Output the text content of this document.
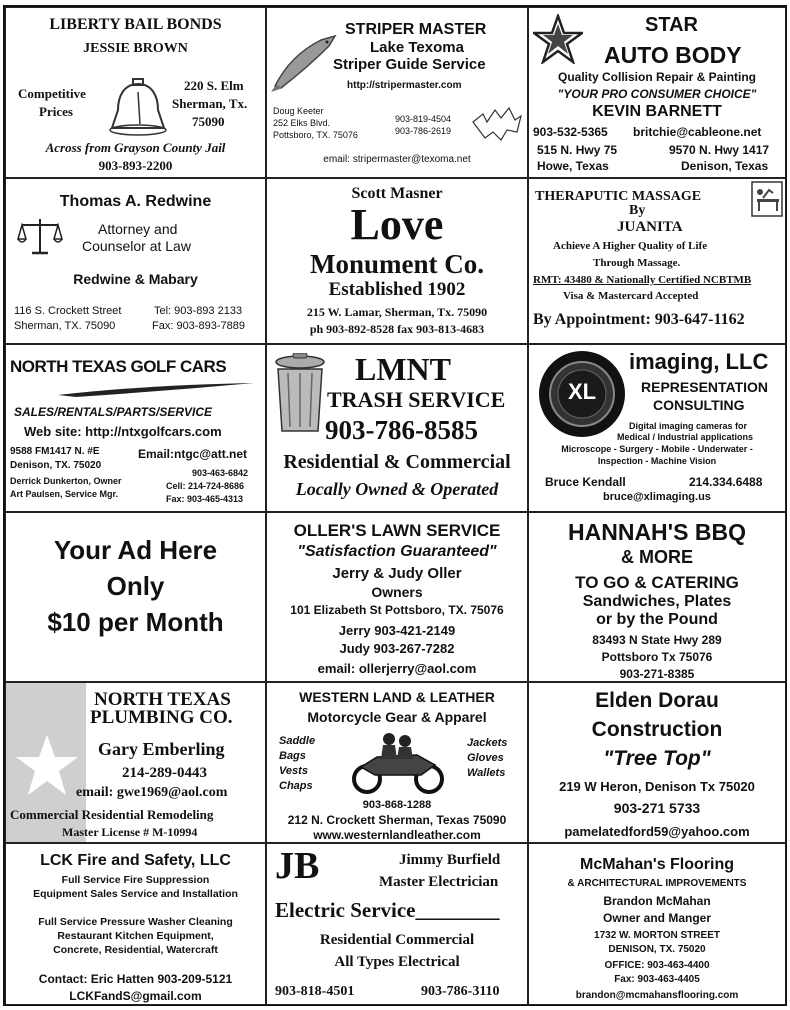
LIBERTY BAIL BONDS
JESSIE BROWN
Competitive
Prices
220 S. Elm
Sherman, Tx.
75090
Across from Grayson County Jail
903-893-2200
STRIPER MASTER
Lake Texoma
Striper Guide Service
http://stripermaster.com
Doug Keeter
252 Elks Blvd.
Pottsboro, TX. 75076
903-819-4504
903-786-2619
email: stripermaster@texoma.net
STAR
AUTO BODY
Quality Collision Repair & Painting
"YOUR PRO CONSUMER CHOICE"
KEVIN BARNETT
903-532-5365 britchie@cableone.net
515 N. Hwy 75
Howe, Texas
9570 N. Hwy 1417
Denison, Texas
Thomas A. Redwine
Attorney and
Counselor at Law
Redwine & Mabary
116 S. Crockett Street
Sherman, TX. 75090
Tel: 903-893 2133
Fax: 903-893-7889
Scott Masner
Love
Monument Co.
Established 1902
215 W. Lamar, Sherman, Tx. 75090
ph 903-892-8528 fax 903-813-4683
THERAPUTIC MASSAGE
By
JUANITA
Achieve A Higher Quality of Life
Through Massage.
RMT: 43480 & Nationally Certified NCBTMB
Visa & Mastercard Accepted
By Appointment: 903-647-1162
NORTH TEXAS GOLF CARS
SALES/RENTALS/PARTS/SERVICE
Web site: http://ntxgolfcars.com
9588 FM1417 N. #E
Denison, TX. 75020
Email:ntgc@att.net
903-463-6842
Derrick Dunkerton, Owner
Art Paulsen, Service Mgr.
Cell: 214-724-8686
Fax: 903-465-4313
LMNT
TRASH SERVICE
903-786-8585
Residential & Commercial
Locally Owned & Operated
XL
imaging, LLC
REPRESENTATION
CONSULTING
Digital imaging cameras for
Medical / Industrial applications
Microscope - Surgery - Mobile - Underwater -
Inspection - Machine Vision
Bruce Kendall	214.334.6488
bruce@xlimaging.us
Your Ad Here
Only
$10 per Month
OLLER'S LAWN SERVICE
"Satisfaction Guaranteed"
Jerry & Judy Oller
Owners
101 Elizabeth St Pottsboro, TX. 75076
Jerry 903-421-2149
Judy 903-267-7282
email: ollerjerry@aol.com
HANNAH'S BBQ
& MORE
TO GO & CATERING
Sandwiches, Plates
or by the Pound
83493 N State Hwy 289
Pottsboro Tx 75076
903-271-8385
NORTH TEXAS
PLUMBING CO.
Gary Emberling
214-289-0443
email: gwe1969@aol.com
Commercial Residential Remodeling
Master License # M-10994
WESTERN LAND & LEATHER
Motorcycle Gear & Apparel
Saddle
Bags
Vests
Chaps
Jackets
Gloves
Wallets
903-868-1288
212 N. Crockett Sherman, Texas 75090
www.westernlandleather.com
Elden Dorau
Construction
"Tree Top"
219 W Heron, Denison Tx 75020
903-271 5733
pamelatedford59@yahoo.com
LCK Fire and Safety, LLC
Full Service Fire Suppression
Equipment Sales Service and Installation
Full Service Pressure Washer Cleaning
Restaurant Kitchen Equipment,
Concrete, Residential, Watercraft
Contact: Eric Hatten 903-209-5121
LCKFandS@gmail.com
JB	Jimmy Burfield
Master Electrician
Electric Service________
Residential Commercial
All Types Electrical
903-818-4501	903-786-3110
McMahan's Flooring
& ARCHITECTURAL IMPROVEMENTS
Brandon McMahan
Owner and Manger
1732 W. MORTON STREET
DENISON, TX. 75020
OFFICE: 903-463-4400
Fax: 903-463-4405
brandon@mcmahansflooring.com
